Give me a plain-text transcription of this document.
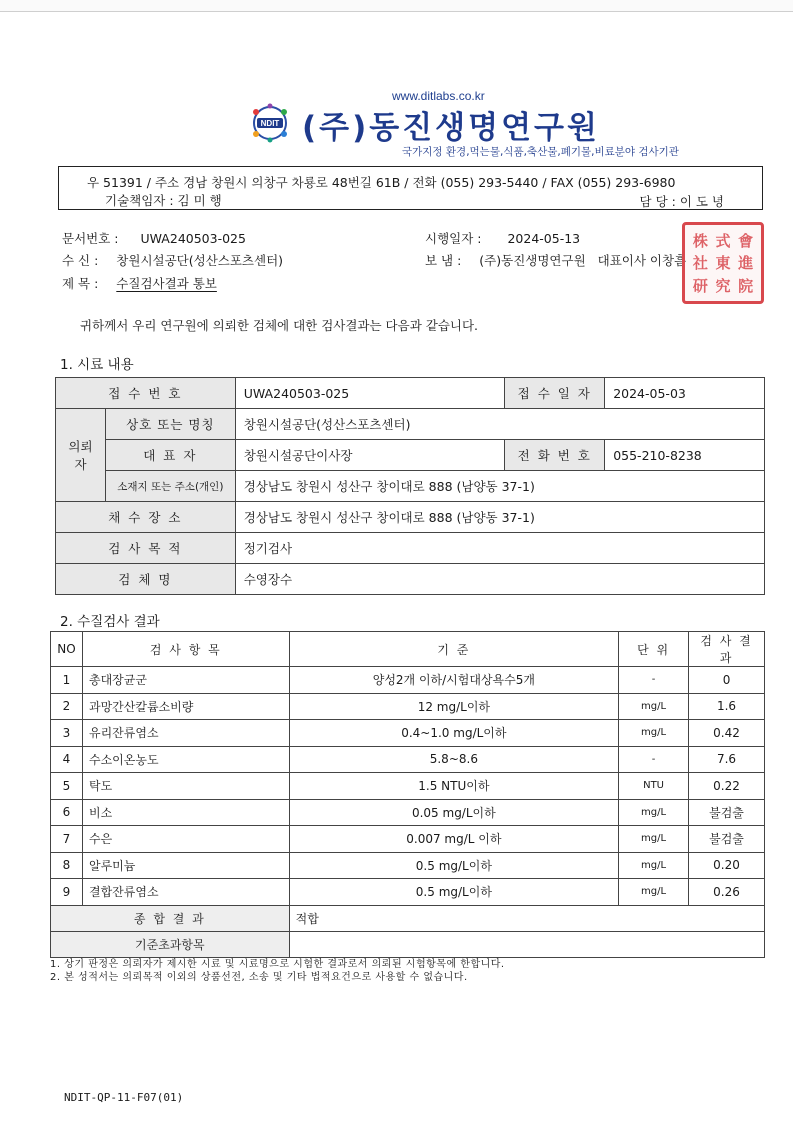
www.ditlabs.co.kr
NDIT (주)동진생명연구원
국가지정 환경,먹는물,식품,축산물,폐기물,비료분야 검사기관
우 51391 / 주소 경남 창원시 의창구 차룡로 48번길 61B / 전화 (055) 293-5440 / FAX (055) 293-6980
기술책임자 : 김 미 행	담 당 : 이 도 녕
문서번호 : UWA240503-025	시행일자 : 2024-05-13
수 신 : 창원시설공단(성산스포츠센터)	보 냄 : (주)동진생명연구원 대표이사 이창흠
제 목 : 수질검사결과 통보
株 式 會
社 東 進
研 究 院
귀하께서 우리 연구원에 의뢰한 검체에 대한 검사결과는 다음과 같습니다.
1. 시료 내용
접 수 번 호		UWA240503-025	접 수 일 자	2024-05-03
의뢰자	상호 또는 명칭	창원시설공단(성산스포츠센터)		
	대 표 자	창원시설공단이사장	전 화 번 호	055-210-8238
	소재지 또는 주소(개인)	경상남도 창원시 성산구 창이대로 888 (남양동 37-1)		
채 수 장 소		경상남도 창원시 성산구 창이대로 888 (남양동 37-1)		
검 사 목 적		정기검사		
검 체 명		수영장수		
2. 수질검사 결과
NO	검 사 항 목	기 준	단 위	검 사 결 과
1	총대장균군	양성2개 이하/시험대상욕수5개	-	0
2	과망간산칼륨소비량	12 mg/L이하	mg/L	1.6
3	유리잔류염소	0.4~1.0 mg/L이하	mg/L	0.42
4	수소이온농도	5.8~8.6	-	7.6
5	탁도	1.5 NTU이하	NTU	0.22
6	비소	0.05 mg/L이하	mg/L	불검출
7	수은	0.007 mg/L 이하	mg/L	불검출
8	알루미늄	0.5 mg/L이하	mg/L	0.20
9	결합잔류염소	0.5 mg/L이하	mg/L	0.26
종 합 결 과		적합		
기준초과항목				
1. 상기 판정은 의뢰자가 제시한 시료 및 시료명으로 시험한 결과로서 의뢰된 시험항목에 한합니다.
2. 본 성적서는 의뢰목적 이외의 상품선전, 소송 및 기타 법적요건으로 사용할 수 없습니다.
NDIT-QP-11-F07(01)
